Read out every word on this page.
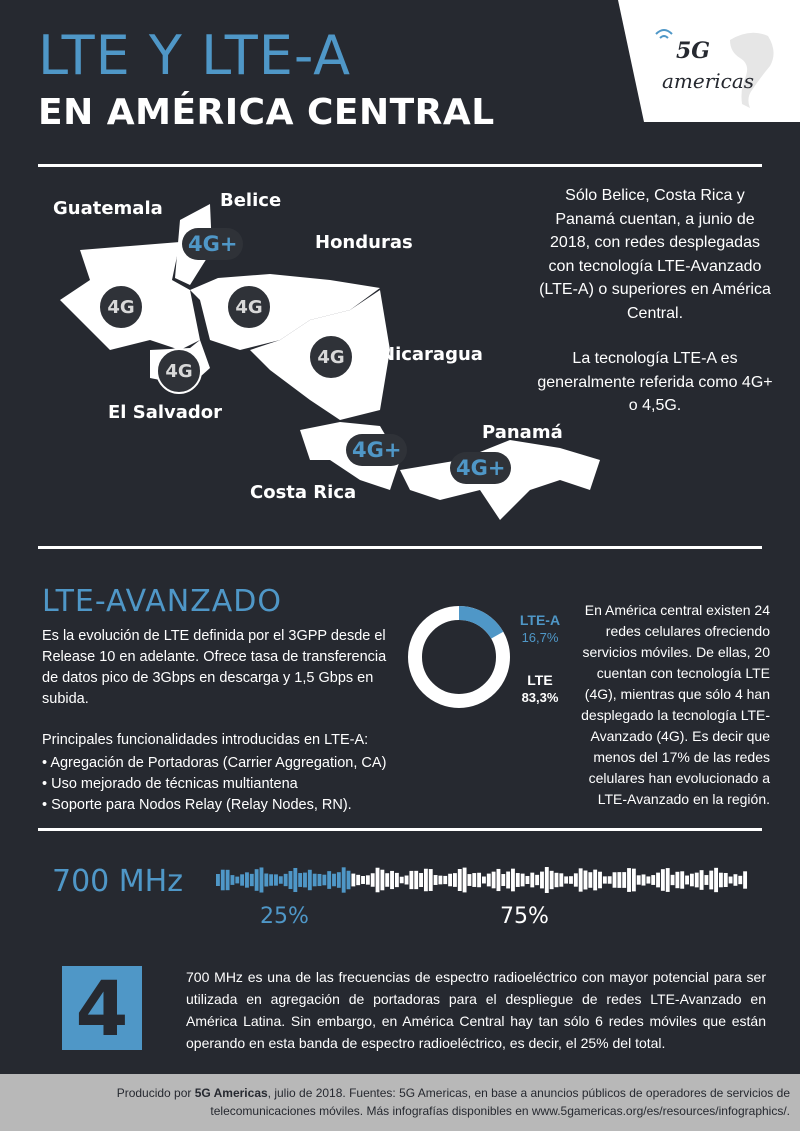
LTE Y LTE-A
EN AMÉRICA CENTRAL
5G
americas
Guatemala	Belice
Honduras
El Salvador
Nicaragua
Costa Rica
Panamá
4G
4G+
4G
4G
4G
4G+
4G+
Sólo Belice, Costa Rica y Panamá cuentan, a junio de 2018, con redes desplegadas con tecnología LTE-Avanzado (LTE-A) o superiores en América Central.
La tecnología LTE-A es generalmente referida como 4G+ o 4,5G.
LTE-AVANZADO
Es la evolución de LTE definida por el 3GPP desde el Release 10 en adelante. Ofrece tasa de transferencia de datos pico de 3Gbps en descarga y 1,5 Gbps en subida.
Principales funcionalidades introducidas en LTE-A:
• Agregación de Portadoras (Carrier Aggregation, CA)
• Uso mejorado de técnicas multiantena
• Soporte para Nodos Relay (Relay Nodes, RN).
LTE-A
16,7%
LTE
83,3%
En América central existen 24 redes celulares ofreciendo servicios móviles. De ellas, 20 cuentan con tecnología LTE (4G), mientras que sólo 4 han desplegado la tecnología LTE-Avanzado (4G). Es decir que menos del 17% de las redes celulares han evolucionado a LTE-Avanzado en la región.
700 MHz
25%	75%
4	700 MHz es una de las frecuencias de espectro radioeléctrico con mayor potencial para ser utilizada en agregación de portadoras para el despliegue de redes LTE-Avanzado en América Latina. Sin embargo, en América Central hay tan sólo 6 redes móviles que están operando en esta banda de espectro radioeléctrico, es decir, el 25% del total.

Producido por 5G Americas, julio de 2018. Fuentes: 5G Americas, en base a anuncios públicos de operadores de servicios de telecomunicaciones móviles. Más infografías disponibles en www.5gamericas.org/es/resources/infographics/.
